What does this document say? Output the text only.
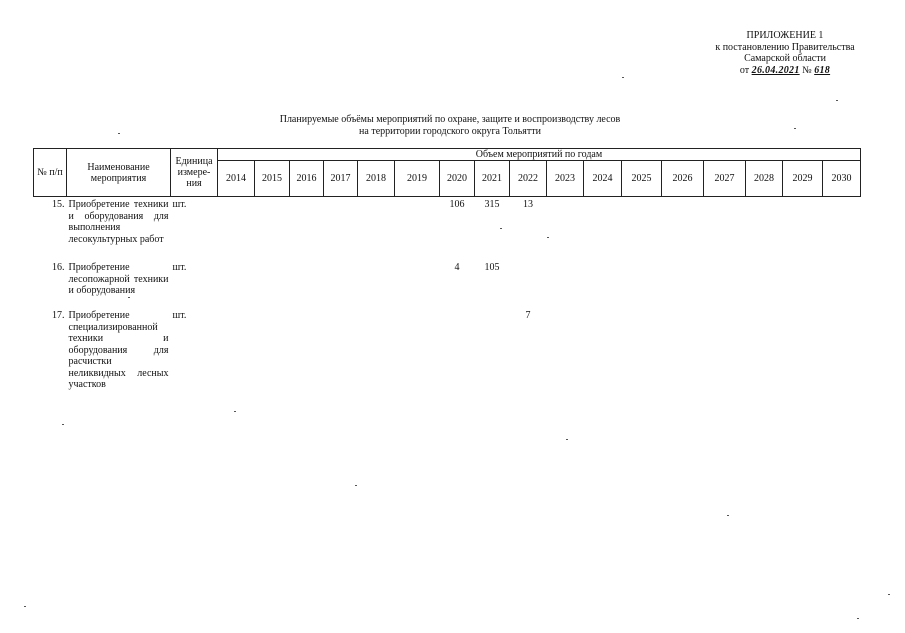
ПРИЛОЖЕНИЕ 1
к постановлению Правительства
Самарской области
от 26.04.2021 № 618
Планируемые объёмы мероприятий по охране, защите и воспроизводству лесов
на территории городского округа Тольятти
№ п/п	Наименование мероприятия	Единица измере-ния	Объем мероприятий по годам																
			2014	2015	2016	2017	2018	2019	2020	2021	2022	2023	2024	2025	2026	2027	2028	2029	2030
15.	Приобретение техники и оборудования для выполнения лесокультурных работ	шт.							106	315	13								
16.	Приобретение лесопожарной техники и оборудования	шт.							4	105									
17.	Приобретение специализированной техники и оборудования для расчистки неликвидных лесных участков	шт.									7								
